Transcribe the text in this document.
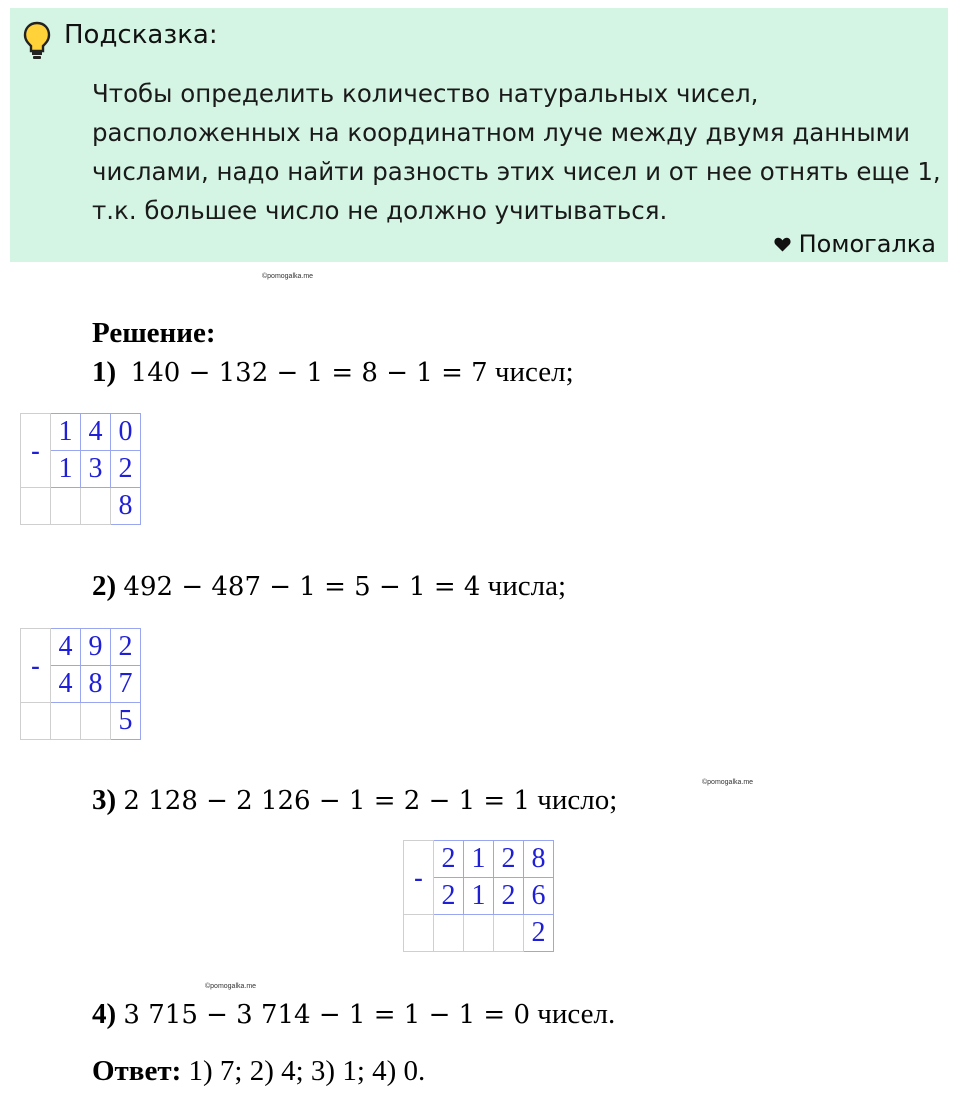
Подсказка:
Чтобы определить количество натуральных чисел, расположенных на координатном луче между двумя данными числами, надо найти разность этих чисел и от нее отнять еще 1, т.к. большее число не должно учитываться.
Помогалка
©pomogalka.me
©pomogalka.me
©pomogalka.me
Решение:
1) 140 − 132 − 1 = 8 − 1 = 7 чисел;
-	1	4	0
	1	3	2
			8
2) 492 − 487 − 1 = 5 − 1 = 4 числа;
-	4	9	2
	4	8	7
			5
3) 2 128 − 2 126 − 1 = 2 − 1 = 1 число;
-	2	1	2	8
	2	1	2	6
				2
4) 3 715 − 3 714 − 1 = 1 − 1 = 0 чисел.
Ответ: 1) 7; 2) 4; 3) 1; 4) 0.
